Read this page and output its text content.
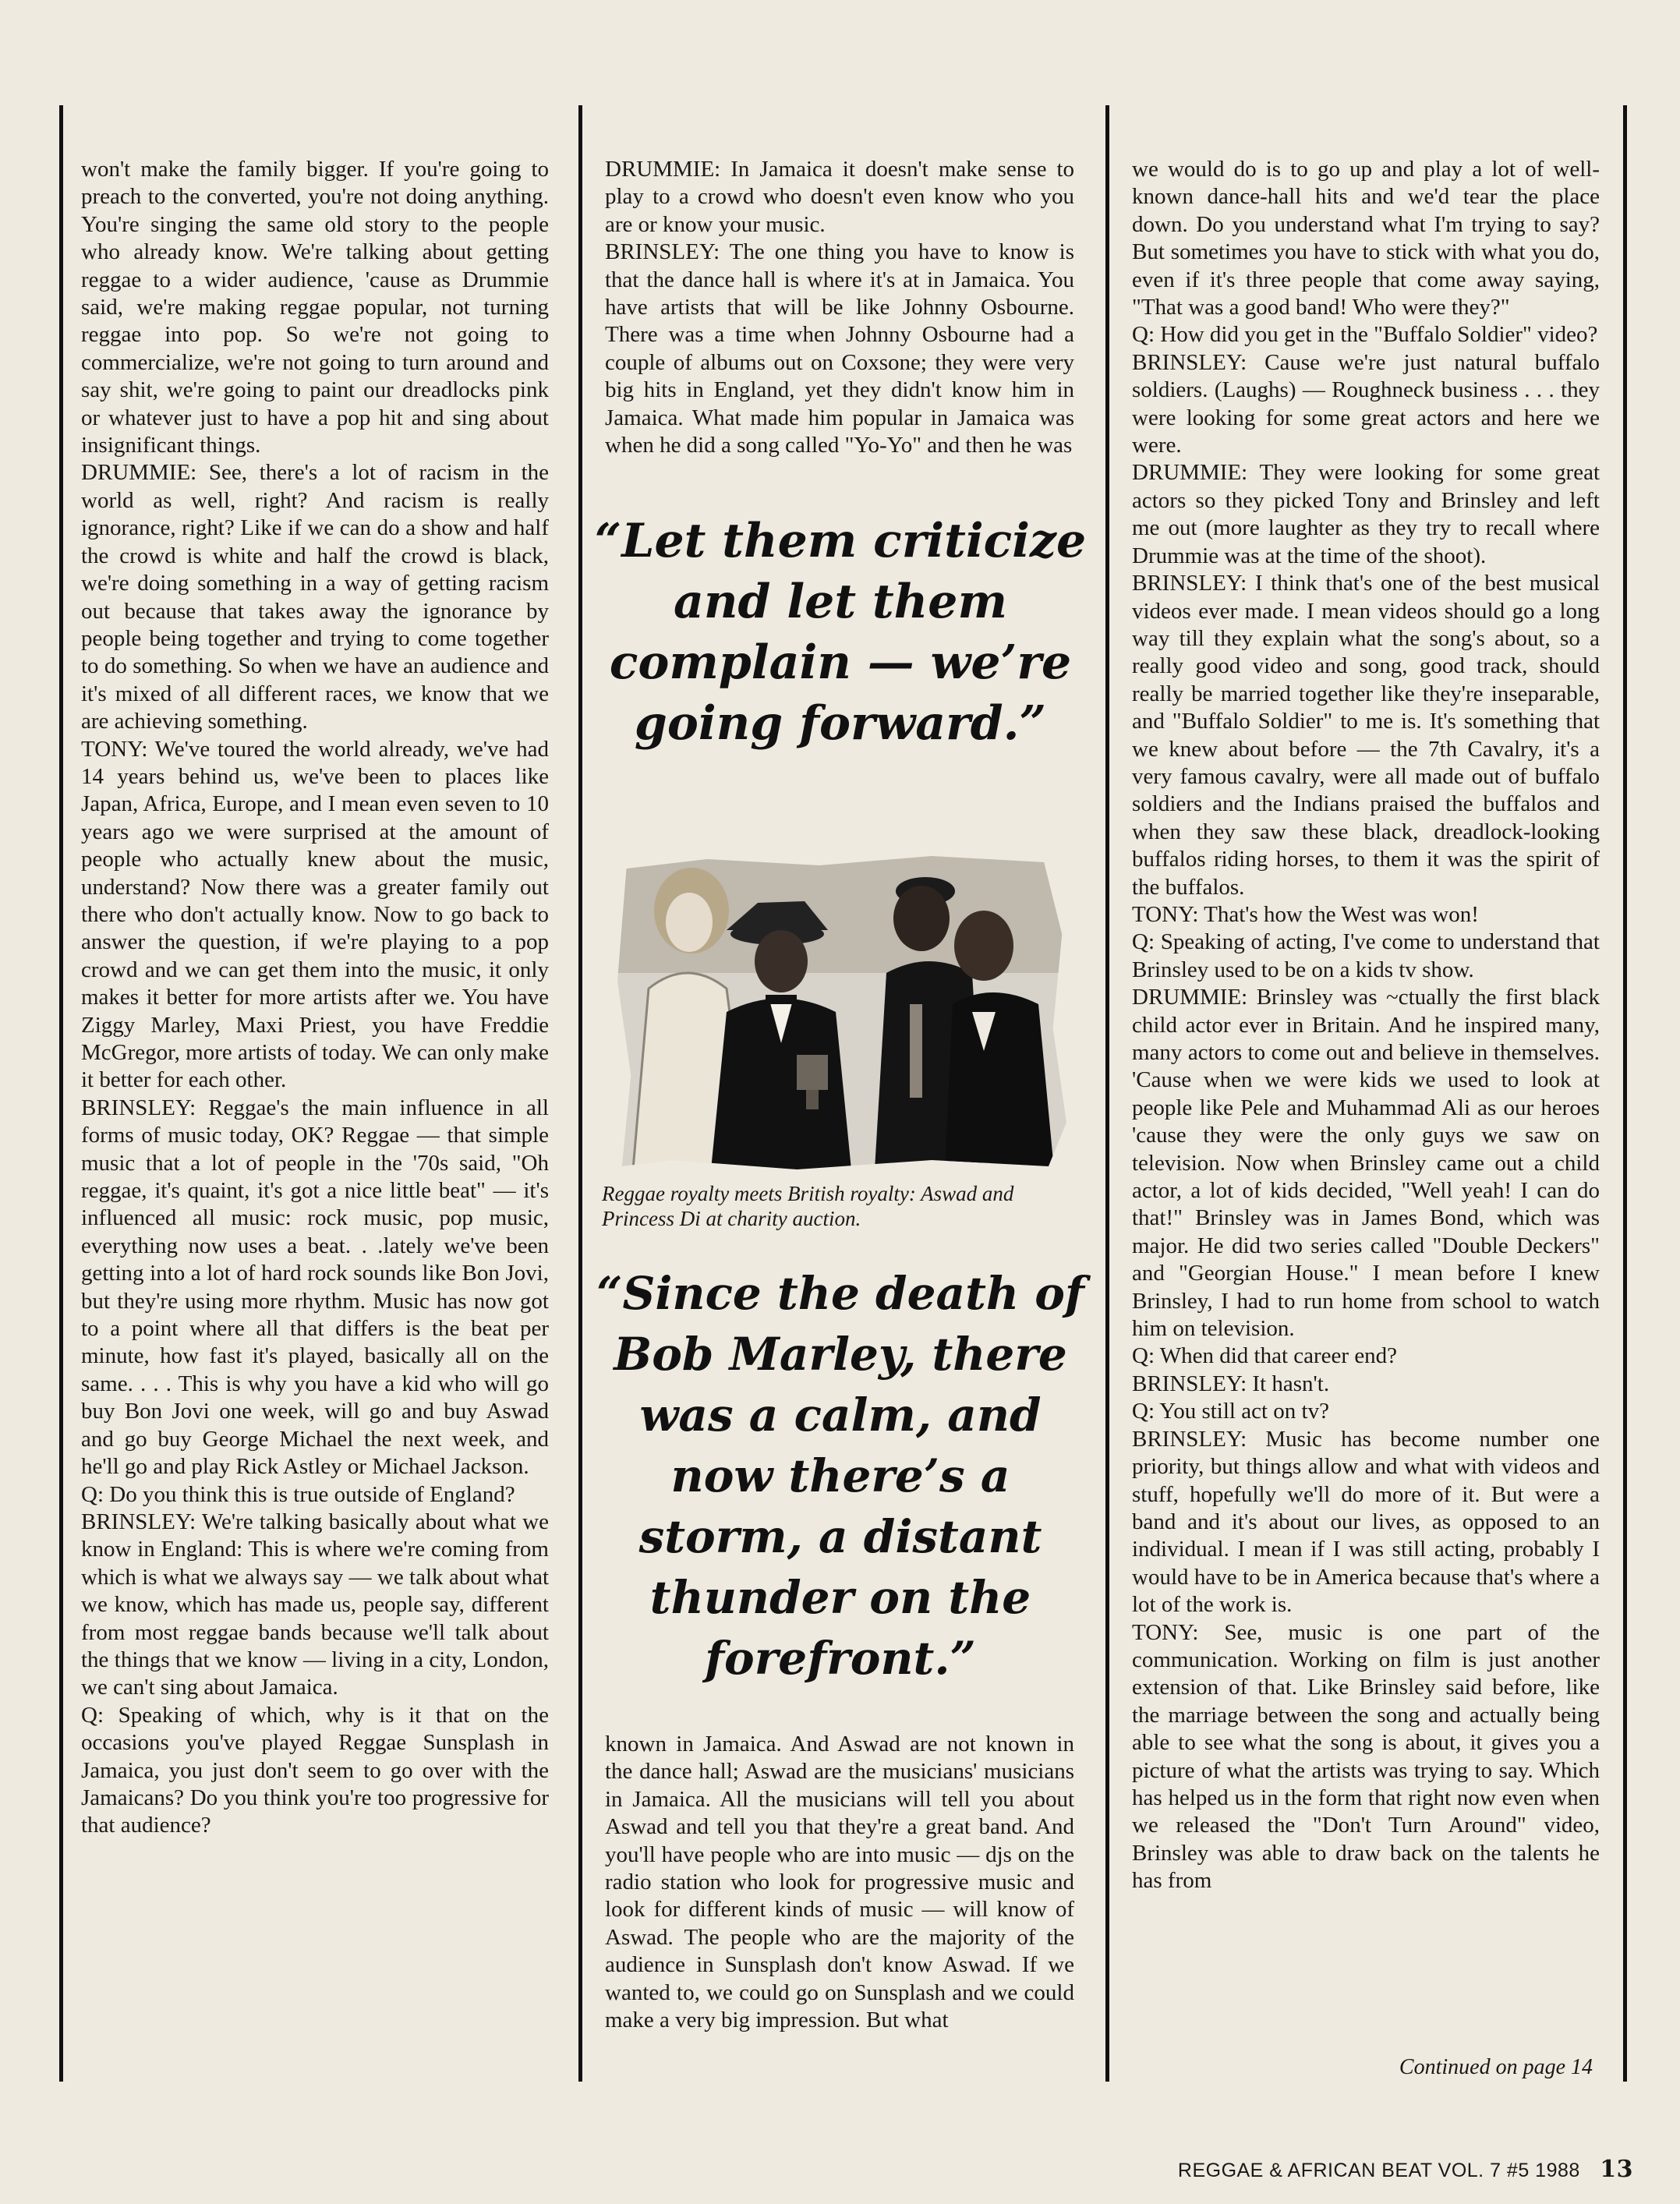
won't make the family bigger. If you're going to preach to the converted, you're not doing anything. You're singing the same old story to the people who already know. We're talking about getting reggae to a wider audience, 'cause as Drummie said, we're making reggae popular, not turning reggae into pop. So we're not going to commercialize, we're not going to turn around and say shit, we're going to paint our dreadlocks pink or whatever just to have a pop hit and sing about insignificant things.

DRUMMIE: See, there's a lot of racism in the world as well, right? And racism is really ignorance, right? Like if we can do a show and half the crowd is white and half the crowd is black, we're doing something in a way of getting racism out because that takes away the ignorance by people being together and trying to come together to do something. So when we have an audience and it's mixed of all different races, we know that we are achieving something.

TONY: We've toured the world already, we've had 14 years behind us, we've been to places like Japan, Africa, Europe, and I mean even seven to 10 years ago we were surprised at the amount of people who actually knew about the music, understand? Now there was a greater family out there who don't actually know. Now to go back to answer the question, if we're playing to a pop crowd and we can get them into the music, it only makes it better for more artists after we. You have Ziggy Marley, Maxi Priest, you have Freddie McGregor, more artists of today. We can only make it better for each other.

BRINSLEY: Reggae's the main influence in all forms of music today, OK? Reggae — that simple music that a lot of people in the '70s said, "Oh reggae, it's quaint, it's got a nice little beat" — it's influenced all music: rock music, pop music, everything now uses a beat. . .lately we've been getting into a lot of hard rock sounds like Bon Jovi, but they're using more rhythm. Music has now got to a point where all that differs is the beat per minute, how fast it's played, basically all on the same. . . . This is why you have a kid who will go buy Bon Jovi one week, will go and buy Aswad and go buy George Michael the next week, and he'll go and play Rick Astley or Michael Jackson.

Q: Do you think this is true outside of England?

BRINSLEY: We're talking basically about what we know in England: This is where we're coming from which is what we always say — we talk about what we know, which has made us, people say, different from most reggae bands because we'll talk about the things that we know — living in a city, London, we can't sing about Jamaica.

Q: Speaking of which, why is it that on the occasions you've played Reggae Sunsplash in Jamaica, you just don't seem to go over with the Jamaicans? Do you think you're too progressive for that audience?

DRUMMIE: In Jamaica it doesn't make sense to play to a crowd who doesn't even know who you are or know your music.

BRINSLEY: The one thing you have to know is that the dance hall is where it's at in Jamaica. You have artists that will be like Johnny Osbourne. There was a time when Johnny Osbourne had a couple of albums out on Coxsone; they were very big hits in England, yet they didn't know him in Jamaica. What made him popular in Jamaica was when he did a song called "Yo-Yo" and then he was

“Let them criticize and let them complain — we’re going forward.”
Reggae royalty meets British royalty: Aswad and Princess Di at charity auction.
“Since the death of Bob Marley, there was a calm, and now there’s a storm, a distant thunder on the forefront.”

known in Jamaica. And Aswad are not known in the dance hall; Aswad are the musicians' musicians in Jamaica. All the musicians will tell you about Aswad and tell you that they're a great band. And you'll have people who are into music — djs on the radio station who look for progressive music and look for different kinds of music — will know of Aswad. The people who are the majority of the audience in Sunsplash don't know Aswad. If we wanted to, we could go on Sunsplash and we could make a very big impression. But what

we would do is to go up and play a lot of well-known dance-hall hits and we'd tear the place down. Do you understand what I'm trying to say? But sometimes you have to stick with what you do, even if it's three people that come away saying, "That was a good band! Who were they?"

Q: How did you get in the "Buffalo Soldier" video?

BRINSLEY: Cause we're just natural buffalo soldiers. (Laughs) — Roughneck business . . . they were looking for some great actors and here we were.

DRUMMIE: They were looking for some great actors so they picked Tony and Brinsley and left me out (more laughter as they try to recall where Drummie was at the time of the shoot).

BRINSLEY: I think that's one of the best musical videos ever made. I mean videos should go a long way till they explain what the song's about, so a really good video and song, good track, should really be married together like they're inseparable, and "Buffalo Soldier" to me is. It's something that we knew about before — the 7th Cavalry, it's a very famous cavalry, were all made out of buffalo soldiers and the Indians praised the buffalos and when they saw these black, dreadlock-looking buffalos riding horses, to them it was the spirit of the buffalos.

TONY: That's how the West was won!

Q: Speaking of acting, I've come to understand that Brinsley used to be on a kids tv show.

DRUMMIE: Brinsley was ~ctually the first black child actor ever in Britain. And he inspired many, many actors to come out and believe in themselves. 'Cause when we were kids we used to look at people like Pele and Muhammad Ali as our heroes 'cause they were the only guys we saw on television. Now when Brinsley came out a child actor, a lot of kids decided, "Well yeah! I can do that!" Brinsley was in James Bond, which was major. He did two series called "Double Deckers" and "Georgian House." I mean before I knew Brinsley, I had to run home from school to watch him on television.

Q: When did that career end?

BRINSLEY: It hasn't.

Q: You still act on tv?

BRINSLEY: Music has become number one priority, but things allow and what with videos and stuff, hopefully we'll do more of it. But were a band and it's about our lives, as opposed to an individual. I mean if I was still acting, probably I would have to be in America because that's where a lot of the work is.

TONY: See, music is one part of the communication. Working on film is just another extension of that. Like Brinsley said before, like the marriage between the song and actually being able to see what the song is about, it gives you a picture of what the artists was trying to say. Which has helped us in the form that right now even when we released the "Don't Turn Around" video, Brinsley was able to draw back on the talents he has from

Continued on page 14
REGGAE & AFRICAN BEAT VOL. 7 #5 1988 13
